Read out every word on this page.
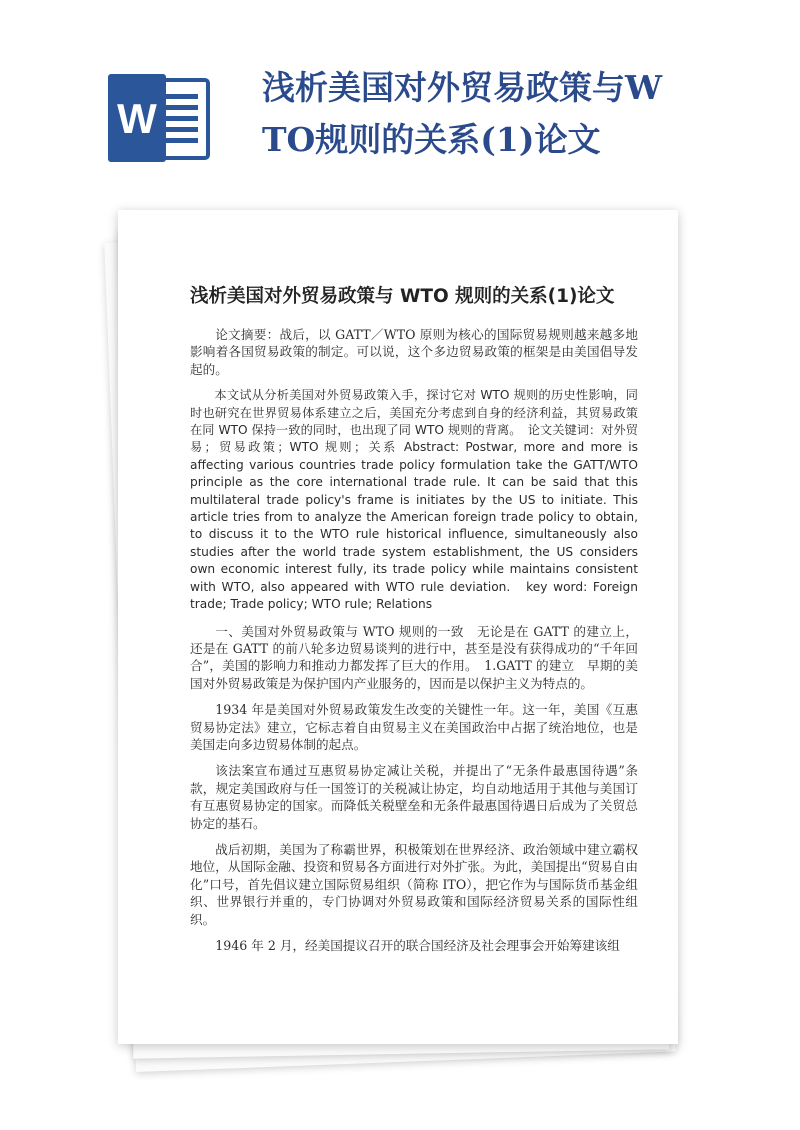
W
浅析美国对外贸易政策与WTO规则的关系(1)论文
浅析美国对外贸易政策与 WTO 规则的关系(1)论文

论文摘要：战后，以 GATT／WTO 原则为核心的国际贸易规则越来越多地影响着各国贸易政策的制定。可以说，这个多边贸易政策的框架是由美国倡导发起的。

本文试从分析美国对外贸易政策入手，探讨它对 WTO 规则的历史性影响，同时也研究在世界贸易体系建立之后，美国充分考虑到自身的经济利益，其贸易政策在同 WTO 保持一致的同时，也出现了同 WTO 规则的背离。　论文关键词：对外贸易；贸易政策；WTO 规则；关系 Abstract: Postwar, more and more is affecting various countries trade policy formulation take the GATT/WTO principle as the core international trade rule. It can be said that this multilateral trade policy's frame is initiates by the US to initiate. This article tries from to analyze the American foreign trade policy to obtain, to discuss it to the WTO rule historical influence, simultaneously also studies after the world trade system establishment, the US considers own economic interest fully, its trade policy while maintains consistent with WTO, also appeared with WTO rule deviation.　key word: Foreign trade; Trade policy; WTO rule; Relations

一、美国对外贸易政策与 WTO 规则的一致　无论是在 GATT 的建立上，还是在 GATT 的前八轮多边贸易谈判的进行中，甚至是没有获得成功的“千年回合”，美国的影响力和推动力都发挥了巨大的作用。　1.GATT 的建立　早期的美国对外贸易政策是为保护国内产业服务的，因而是以保护主义为特点的。

1934 年是美国对外贸易政策发生改变的关键性一年。这一年，美国《互惠贸易协定法》建立，它标志着自由贸易主义在美国政治中占据了统治地位，也是美国走向多边贸易体制的起点。

该法案宣布通过互惠贸易协定减让关税，并提出了“无条件最惠国待遇”条款，规定美国政府与任一国签订的关税减让协定，均自动地适用于其他与美国订有互惠贸易协定的国家。而降低关税壁垒和无条件最惠国待遇日后成为了关贸总协定的基石。

战后初期，美国为了称霸世界，积极策划在世界经济、政治领域中建立霸权地位，从国际金融、投资和贸易各方面进行对外扩张。为此，美国提出“贸易自由化”口号，首先倡议建立国际贸易组织（简称 ITO），把它作为与国际货币基金组织、世界银行并重的，专门协调对外贸易政策和国际经济贸易关系的国际性组织。

1946 年 2 月，经美国提议召开的联合国经济及社会理事会开始筹建该组
